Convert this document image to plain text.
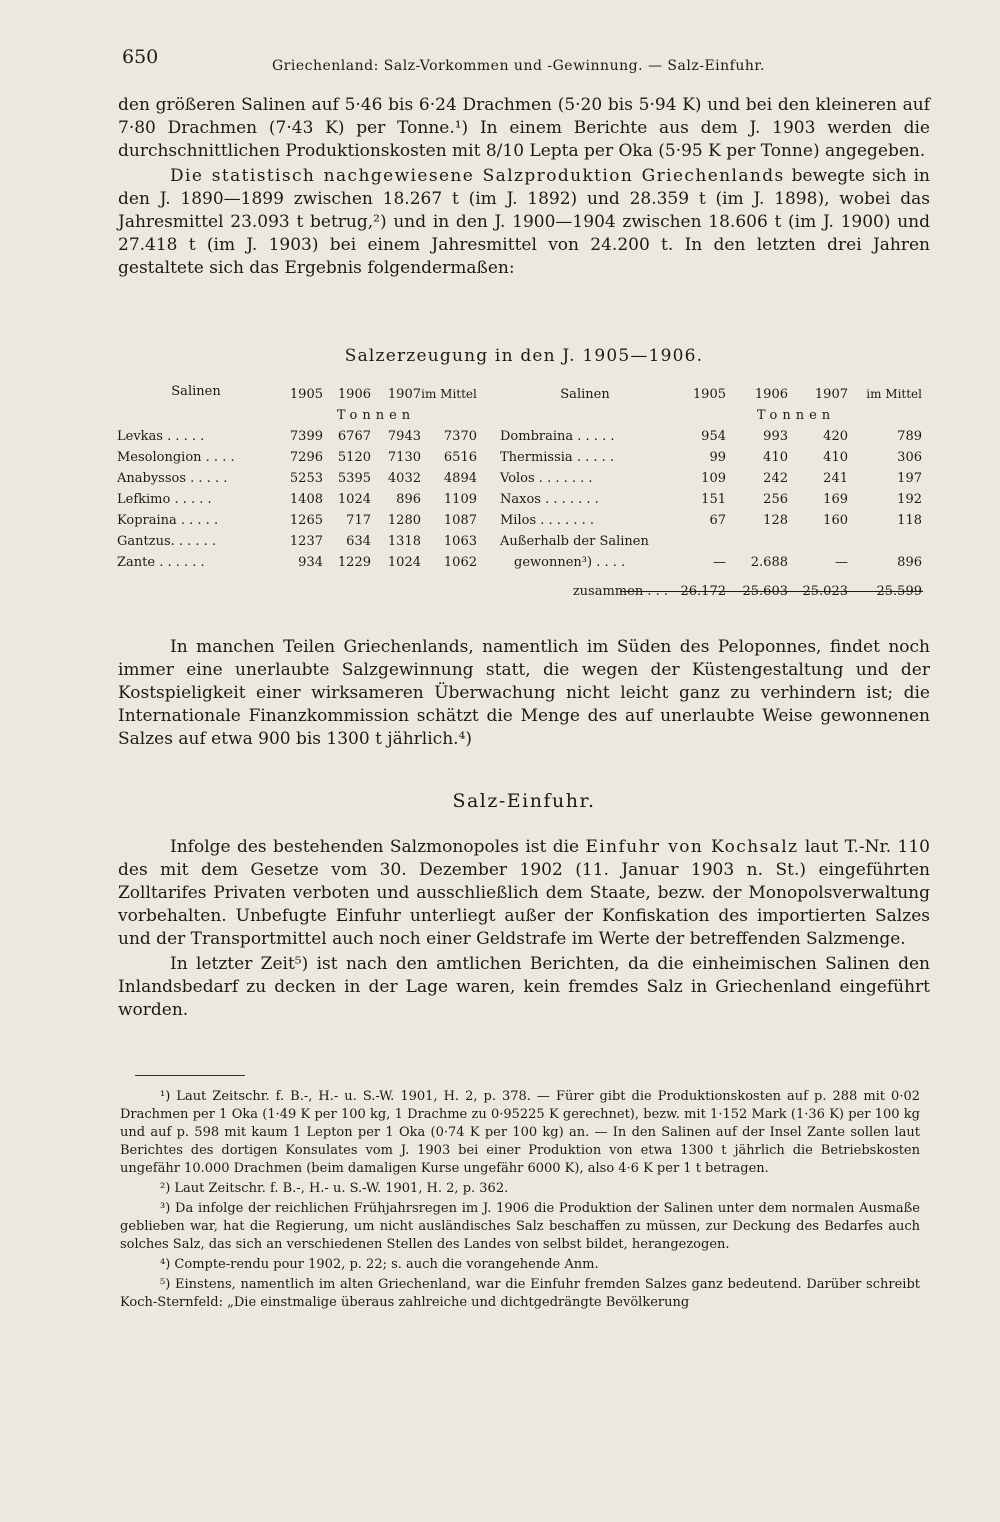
650	Griechenland: Salz-Vorkommen und -Gewinnung. — Salz-Einfuhr.

den größeren Salinen auf 5·46 bis 6·24 Drachmen (5·20 bis 5·94 K) und bei den kleineren auf 7·80 Drachmen (7·43 K) per Tonne.¹) In einem Berichte aus dem J. 1903 werden die durchschnittlichen Produktionskosten mit 8/10 Lepta per Oka (5·95 K per Tonne) angegeben.

Die statistisch nachgewiesene Salzproduktion Griechenlands bewegte sich in den J. 1890—1899 zwischen 18.267 t (im J. 1892) und 28.359 t (im J. 1898), wobei das Jahresmittel 23.093 t betrug,²) und in den J. 1900—1904 zwischen 18.606 t (im J. 1900) und 27.418 t (im J. 1903) bei einem Jahresmittel von 24.200 t. In den letzten drei Jahren gestaltete sich das Ergebnis folgendermaßen:

Salzerzeugung in den J. 1905—1906.
Salinen	1905	1906	1907	im Mittel
	Tonnen			
Levkas . . . . .	7399	6767	7943	7370
Mesolongion . . . .	7296	5120	7130	6516
Anabyssos . . . . .	5253	5395	4032	4894
Lefkimo . . . . .	1408	1024	896	1109
Kopraina . . . . .	1265	717	1280	1087
Gantzus. . . . . .	1237	634	1318	1063
Zante . . . . . .	934	1229	1024	1062
Salinen	1905	1906	1907	im Mittel
	Tonnen			
Dombraina . . . . .	954	993	420	789
Thermissia . . . . .	99	410	410	306
Volos . . . . . . .	109	242	241	197
Naxos . . . . . . .	151	256	169	192
Milos . . . . . . .	67	128	160	118
Außerhalb der Salinen				
gewonnen³) . . . .	—	2.688	—	896
zusammen . . .	26.172	25.603	25.023	25.599

In manchen Teilen Griechenlands, namentlich im Süden des Peloponnes, findet noch immer eine unerlaubte Salzgewinnung statt, die wegen der Küstengestaltung und der Kostspieligkeit einer wirksameren Überwachung nicht leicht ganz zu verhindern ist; die Internationale Finanzkommission schätzt die Menge des auf unerlaubte Weise gewonnenen Salzes auf etwa 900 bis 1300 t jährlich.⁴)

Salz-Einfuhr.

Infolge des bestehenden Salzmonopoles ist die Einfuhr von Kochsalz laut T.-Nr. 110 des mit dem Gesetze vom 30. Dezember 1902 (11. Januar 1903 n. St.) eingeführten Zolltarifes Privaten verboten und ausschließlich dem Staate, bezw. der Monopolsverwaltung vorbehalten. Unbefugte Einfuhr unterliegt außer der Konfiskation des importierten Salzes und der Transportmittel auch noch einer Geldstrafe im Werte der betreffenden Salzmenge.

In letzter Zeit⁵) ist nach den amtlichen Berichten, da die einheimischen Salinen den Inlandsbedarf zu decken in der Lage waren, kein fremdes Salz in Griechenland eingeführt worden.

¹) Laut Zeitschr. f. B.-, H.- u. S.-W. 1901, H. 2, p. 378. — Fürer gibt die Produktionskosten auf p. 288 mit 0·02 Drachmen per 1 Oka (1·49 K per 100 kg, 1 Drachme zu 0·95225 K gerechnet), bezw. mit 1·152 Mark (1·36 K) per 100 kg und auf p. 598 mit kaum 1 Lepton per 1 Oka (0·74 K per 100 kg) an. — In den Salinen auf der Insel Zante sollen laut Berichtes des dortigen Konsulates vom J. 1903 bei einer Produktion von etwa 1300 t jährlich die Betriebskosten ungefähr 10.000 Drachmen (beim damaligen Kurse ungefähr 6000 K), also 4·6 K per 1 t betragen.

²) Laut Zeitschr. f. B.-, H.- u. S.-W. 1901, H. 2, p. 362.

³) Da infolge der reichlichen Frühjahrsregen im J. 1906 die Produktion der Salinen unter dem normalen Ausmaße geblieben war, hat die Regierung, um nicht ausländisches Salz beschaffen zu müssen, zur Deckung des Bedarfes auch solches Salz, das sich an verschiedenen Stellen des Landes von selbst bildet, herangezogen.

⁴) Compte-rendu pour 1902, p. 22; s. auch die vorangehende Anm.

⁵) Einstens, namentlich im alten Griechenland, war die Einfuhr fremden Salzes ganz bedeutend. Darüber schreibt Koch-Sternfeld: „Die einstmalige überaus zahlreiche und dichtgedrängte Bevölkerung
